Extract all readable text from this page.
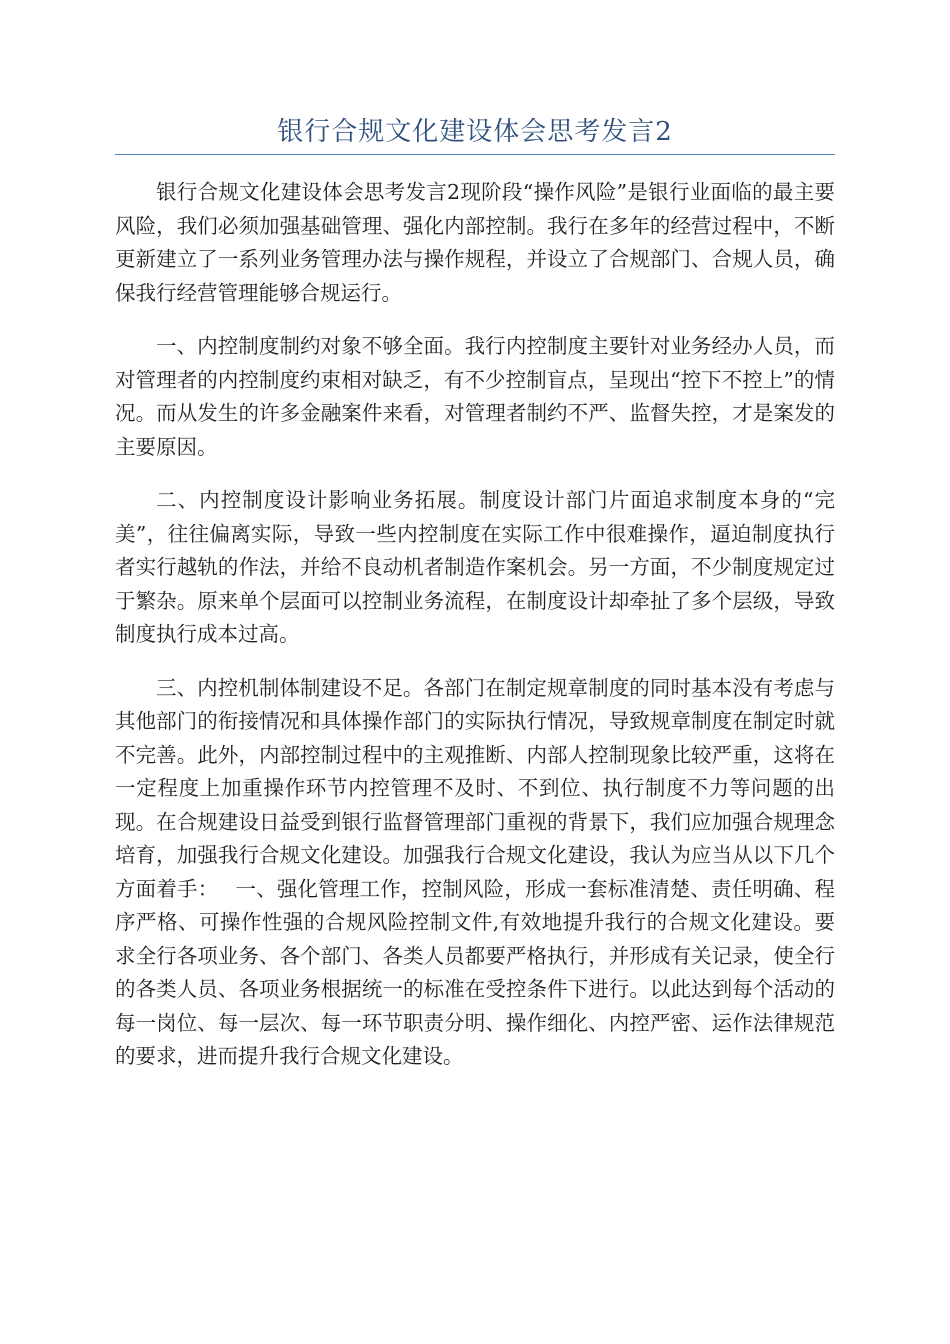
银行合规文化建设体会思考发言2

银行合规文化建设体会思考发言2现阶段“操作风险”是银行业面临的最主要风险，我们必须加强基础管理、强化内部控制。我行在多年的经营过程中，不断更新建立了一系列业务管理办法与操作规程，并设立了合规部门、合规人员，确保我行经营管理能够合规运行。

一、内控制度制约对象不够全面。我行内控制度主要针对业务经办人员，而对管理者的内控制度约束相对缺乏，有不少控制盲点，呈现出“控下不控上”的情况。而从发生的许多金融案件来看，对管理者制约不严、监督失控，才是案发的主要原因。

二、内控制度设计影响业务拓展。制度设计部门片面追求制度本身的“完美”，往往偏离实际，导致一些内控制度在实际工作中很难操作，逼迫制度执行者实行越轨的作法，并给不良动机者制造作案机会。另一方面，不少制度规定过于繁杂。原来单个层面可以控制业务流程，在制度设计却牵扯了多个层级，导致制度执行成本过高。

三、内控机制体制建设不足。各部门在制定规章制度的同时基本没有考虑与其他部门的衔接情况和具体操作部门的实际执行情况，导致规章制度在制定时就不完善。此外，内部控制过程中的主观推断、内部人控制现象比较严重，这将在一定程度上加重操作环节内控管理不及时、不到位、执行制度不力等问题的出现。在合规建设日益受到银行监督管理部门重视的背景下，我们应加强合规理念培育，加强我行合规文化建设。加强我行合规文化建设，我认为应当从以下几个方面着手：　 一、强化管理工作，控制风险，形成一套标准清楚、责任明确、程序严格、可操作性强的合规风险控制文件,有效地提升我行的合规文化建设。要求全行各项业务、各个部门、各类人员都要严格执行，并形成有关记录，使全行的各类人员、各项业务根据统一的标准在受控条件下进行。以此达到每个活动的每一岗位、每一层次、每一环节职责分明、操作细化、内控严密、运作法律规范的要求，进而提升我行合规文化建设。
